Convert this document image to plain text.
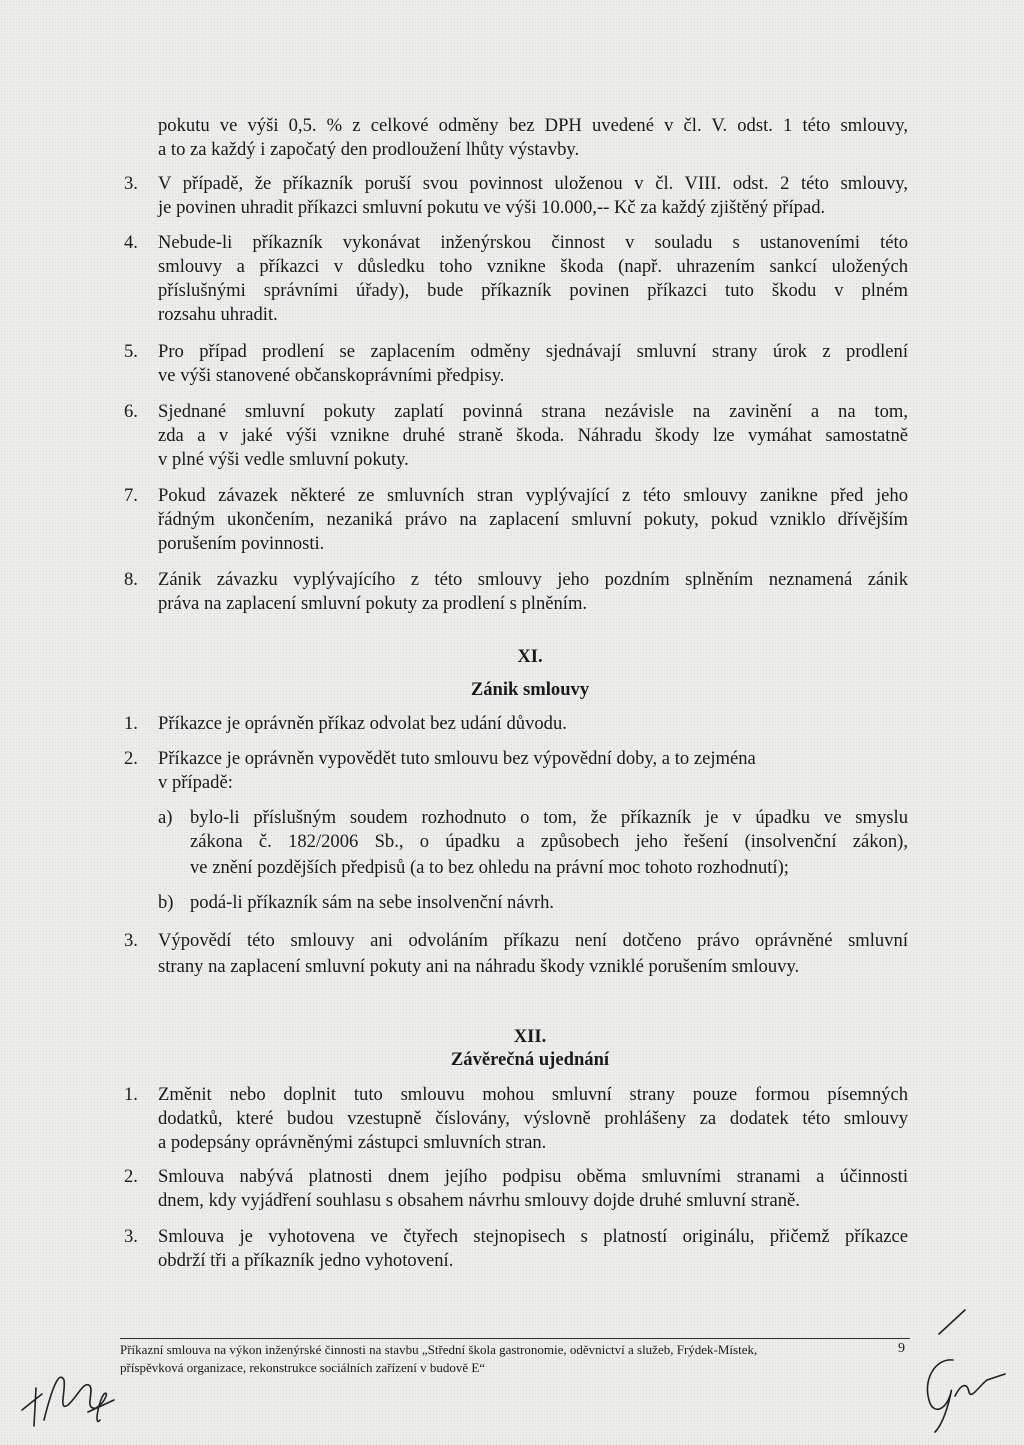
pokutu ve výši 0,5. % z celkové odměny bez DPH uvedené v čl. V. odst. 1 této smlouvy,
a to za každý i započatý den prodloužení lhůty výstavby.
3. V případě, že příkazník poruší svou povinnost uloženou v čl. VIII. odst. 2 této smlouvy,
je povinen uhradit příkazci smluvní pokutu ve výši 10.000,-- Kč za každý zjištěný případ.
4. Nebude-li příkazník vykonávat inženýrskou činnost v souladu s ustanoveními této
smlouvy a příkazci v důsledku toho vznikne škoda (např. uhrazením sankcí uložených
příslušnými správními úřady), bude příkazník povinen příkazci tuto škodu v plném
rozsahu uhradit.
5. Pro případ prodlení se zaplacením odměny sjednávají smluvní strany úrok z prodlení
ve výši stanovené občanskoprávními předpisy.
6. Sjednané smluvní pokuty zaplatí povinná strana nezávisle na zavinění a na tom,
zda a v jaké výši vznikne druhé straně škoda. Náhradu škody lze vymáhat samostatně
v plné výši vedle smluvní pokuty.
7. Pokud závazek některé ze smluvních stran vyplývající z této smlouvy zanikne před jeho
řádným ukončením, nezaniká právo na zaplacení smluvní pokuty, pokud vzniklo dřívějším
porušením povinnosti.
8. Zánik závazku vyplývajícího z této smlouvy jeho pozdním splněním neznamená zánik
práva na zaplacení smluvní pokuty za prodlení s plněním.
XI.
Zánik smlouvy
1. Příkazce je oprávněn příkaz odvolat bez udání důvodu.
2. Příkazce je oprávněn vypovědět tuto smlouvu bez výpovědní doby, a to zejména
v případě:
a) bylo-li příslušným soudem rozhodnuto o tom, že příkazník je v úpadku ve smyslu
zákona č. 182/2006 Sb., o úpadku a způsobech jeho řešení (insolvenční zákon),
ve znění pozdějších předpisů (a to bez ohledu na právní moc tohoto rozhodnutí);
b) podá-li příkazník sám na sebe insolvenční návrh.
3. Výpovědí této smlouvy ani odvoláním příkazu není dotčeno právo oprávněné smluvní
strany na zaplacení smluvní pokuty ani na náhradu škody vzniklé porušením smlouvy.
XII.
Závěrečná ujednání
1. Změnit nebo doplnit tuto smlouvu mohou smluvní strany pouze formou písemných
dodatků, které budou vzestupně číslovány, výslovně prohlášeny za dodatek této smlouvy
a podepsány oprávněnými zástupci smluvních stran.
2. Smlouva nabývá platnosti dnem jejího podpisu oběma smluvními stranami a účinnosti
dnem, kdy vyjádření souhlasu s obsahem návrhu smlouvy dojde druhé smluvní straně.
3. Smlouva je vyhotovena ve čtyřech stejnopisech s platností originálu, přičemž příkazce
obdrží tři a příkazník jedno vyhotovení.
Příkazní smlouva na výkon inženýrské činnosti na stavbu „Střední škola gastronomie, oděvnictví a služeb, Frýdek-Místek,
příspěvková organizace, rekonstrukce sociálních zařízení v budově E“
9
